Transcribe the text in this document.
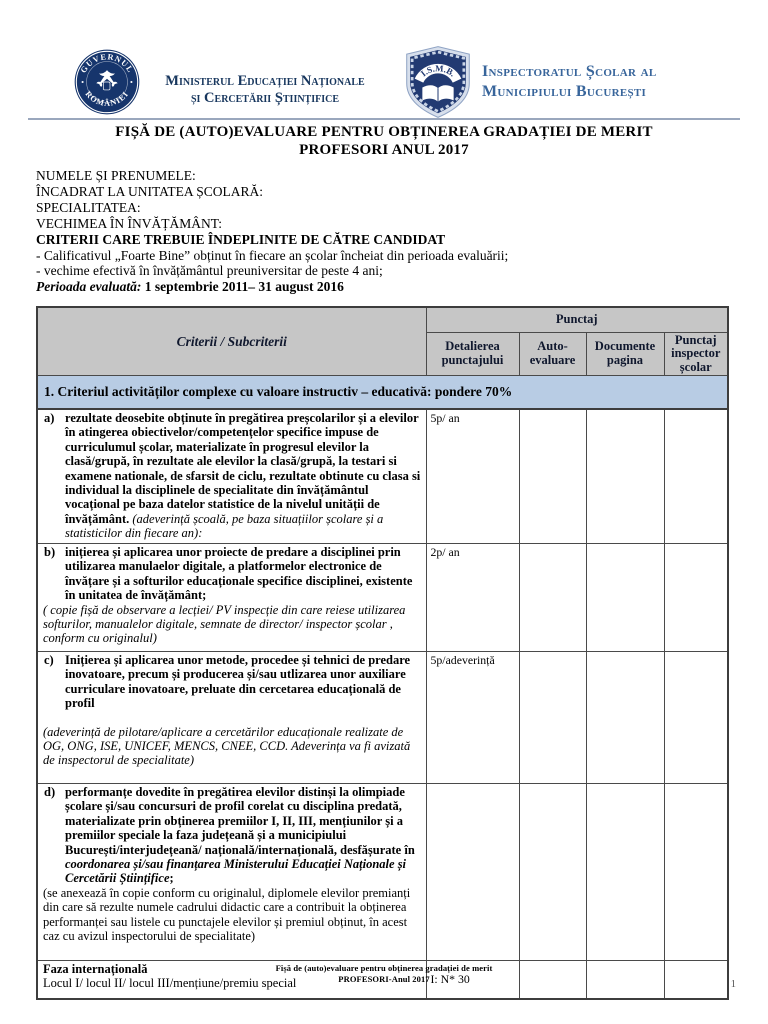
GUVERNUL
ROMÂNIEI
Ministerul Educației Naționale
și Cercetării Științifice
I.S.M.B. Inspectoratul Școlar al
Municipiului București
FIȘĂ DE (AUTO)EVALUARE PENTRU OBȚINEREA GRADAȚIEI DE MERIT
PROFESORI ANUL 2017
NUMELE ȘI PRENUMELE:
ÎNCADRAT LA UNITATEA ȘCOLARĂ:
SPECIALITATEA:
VECHIMEA ÎN ÎNVĂȚĂMÂNT:
CRITERII CARE TREBUIE ÎNDEPLINITE DE CĂTRE CANDIDAT
- Calificativul „Foarte Bine” obținut în fiecare an școlar încheiat din perioada evaluării;
- vechime efectivă în învățământul preuniversitar de peste 4 ani;
Perioada evaluată: 1 septembrie 2011– 31 august 2016
Criterii / Subcriterii	Punctaj			
	Detalierea punctajului	Auto-evaluare	Documente pagina	Punctaj inspector școlar
1. Criteriul activităților complexe cu valoare instructiv – educativă: pondere 70%				

a) rezultate deosebite obținute în pregătirea preșcolarilor și a elevilor în atingerea obiectivelor/competențelor specifice impuse de curriculumul școlar, materializate în progresul elevilor la clasă/grupă, în rezultate ale elevilor la clasă/grupă, la testari si examene nationale, de sfarsit de ciclu, rezultate obtinute cu clasa si individual la disciplinele de specialitate din învățământul vocațional pe baza datelor statistice de la nivelul unității de învățământ. (adeverință școală, pe baza situațiilor școlare și a statisticilor din fiecare an):	5p/ an			

b) inițierea și aplicarea unor proiecte de predare a disciplinei prin utilizarea manulaelor digitale, a platformelor electronice de învățare și a softurilor educaționale specifice disciplinei, existente în unitatea de învățământ;
( copie fișă de observare a lecției/ PV inspecție din care reiese utilizarea softurilor, manualelor digitale, semnate de director/ inspector școlar , conform cu originalul)	2p/ an			

c) Inițierea și aplicarea unor metode, procedee și tehnici de predare inovatoare, precum și producerea și/sau utlizarea unor auxiliare curriculare inovatoare, preluate din cercetarea educațională de profil
(adeverință de pilotare/aplicare a cercetărilor educaționale realizate de OG, ONG, ISE, UNICEF, MENCS, CNEE, CCD. Adeverința va fi avizată de inspectorul de specialitate)	5p/adeverință			

d) performanțe dovedite în pregătirea elevilor distinși la olimpiade școlare și/sau concursuri de profil corelat cu disciplina predată, materializate prin obținerea premiilor I, II, III, mențiunilor și a premiilor speciale la faza județeană și a municipiului București/interjudețeană/ națională/internațională, desfășurate în coordonarea și/sau finanțarea Ministerului Educației Naționale și Cercetării Științifice;
(se anexează în copie conform cu originalul, diplomele elevilor premianți din care să rezulte numele cadrului didactic care a contribuit la obținerea performanței sau listele cu punctajele elevilor și premiul obținut, în acest caz cu avizul inspectorului de specialitate)				

Faza internațională
Locul I/ locul II/ locul III/mențiune/premiu special	I: N* 30			
Fișă de (auto)evaluare pentru obținerea gradației de merit
PROFESORI-Anul 2017
1
